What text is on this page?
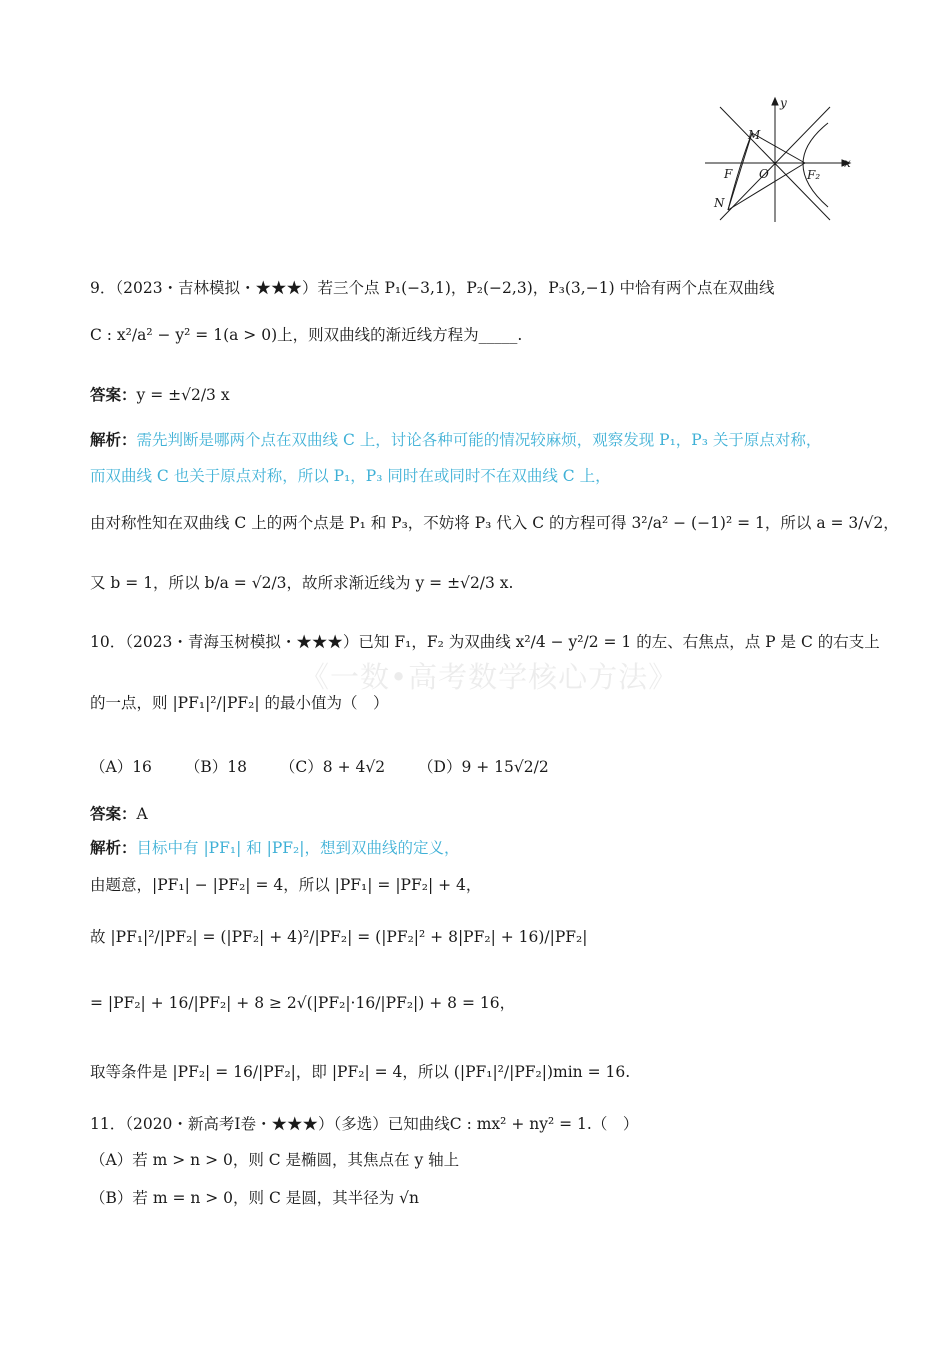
《一数•高考数学核心方法》
y
x
M
F O	F₂
N
9．（2023・吉林模拟・★★★）若三个点 P₁(−3,1)，P₂(−2,3)，P₃(3,−1) 中恰有两个点在双曲线
C : x²/a² − y² = 1(a > 0)上，则双曲线的渐近线方程为_____.
答案：y = ±√2/3 x
解析：需先判断是哪两个点在双曲线 C 上，讨论各种可能的情况较麻烦，观察发现 P₁，P₃ 关于原点对称，
而双曲线 C 也关于原点对称，所以 P₁，P₃ 同时在或同时不在双曲线 C 上，
由对称性知在双曲线 C 上的两个点是 P₁ 和 P₃，不妨将 P₃ 代入 C 的方程可得 3²/a² − (−1)² = 1，所以 a = 3/√2，
又 b = 1，所以 b/a = √2/3，故所求渐近线为 y = ±√2/3 x.
10．（2023・青海玉树模拟・★★★）已知 F₁，F₂ 为双曲线 x²/4 − y²/2 = 1 的左、右焦点，点 P 是 C 的右支上
的一点，则 |PF₁|²/|PF₂| 的最小值为（　）
（A）16 （B）18 （C）8 + 4√2 （D）9 + 15√2/2
答案：A
解析：目标中有 |PF₁| 和 |PF₂|，想到双曲线的定义，
由题意，|PF₁| − |PF₂| = 4，所以 |PF₁| = |PF₂| + 4，
故 |PF₁|²/|PF₂| = (|PF₂| + 4)²/|PF₂| = (|PF₂|² + 8|PF₂| + 16)/|PF₂|
= |PF₂| + 16/|PF₂| + 8 ≥ 2√(|PF₂|·16/|PF₂|) + 8 = 16，
取等条件是 |PF₂| = 16/|PF₂|，即 |PF₂| = 4，所以 (|PF₁|²/|PF₂|)min = 16.
11．（2020・新高考Ⅰ卷・★★★）（多选）已知曲线C : mx² + ny² = 1.（　）
（A）若 m > n > 0，则 C 是椭圆，其焦点在 y 轴上
（B）若 m = n > 0，则 C 是圆，其半径为 √n
